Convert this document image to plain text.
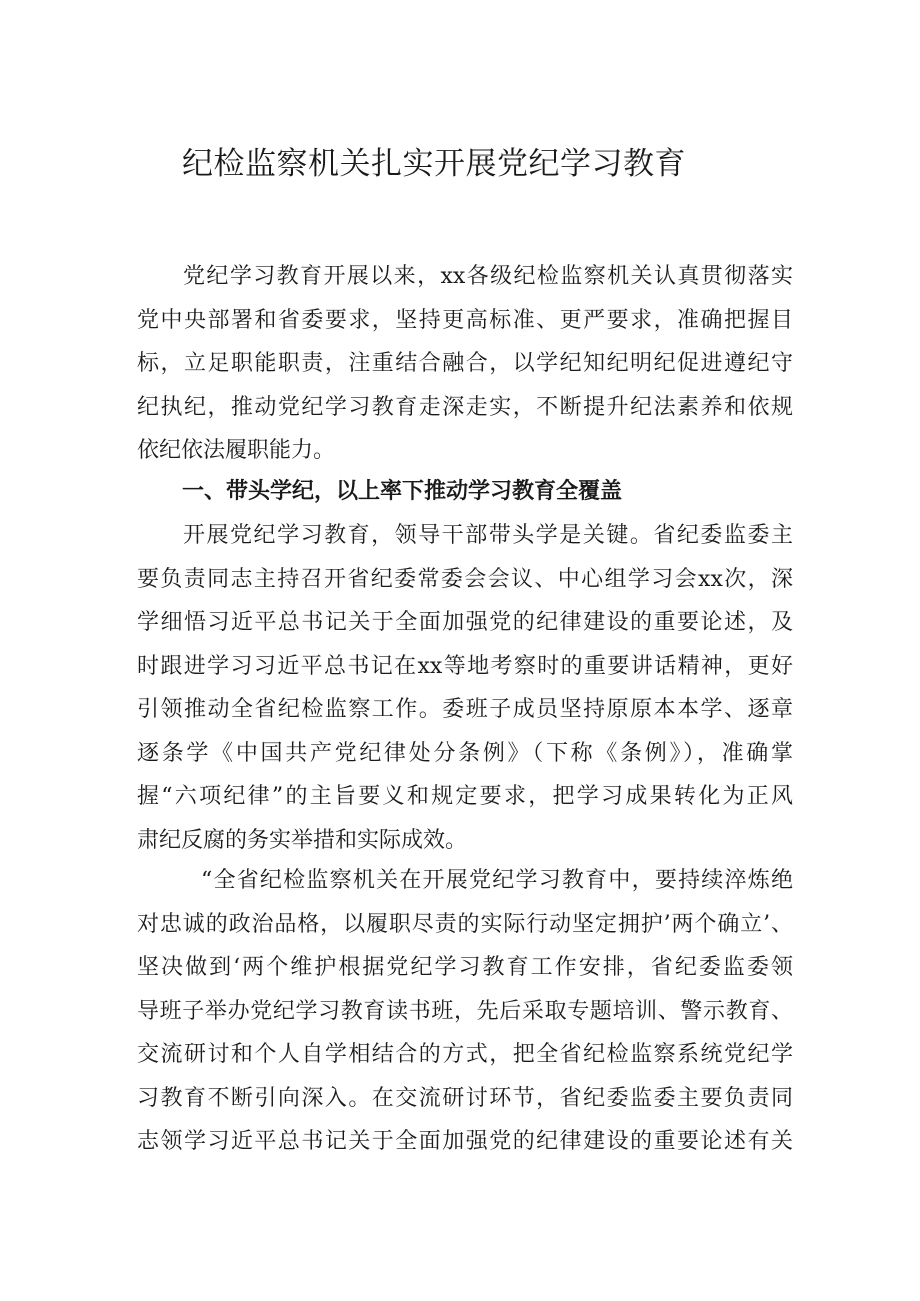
纪检监察机关扎实开展党纪学习教育
党纪学习教育开展以来，xx各级纪检监察机关认真贯彻落实
党中央部署和省委要求，坚持更高标准、更严要求，准确把握目
标，立足职能职责，注重结合融合，以学纪知纪明纪促进遵纪守
纪执纪，推动党纪学习教育走深走实，不断提升纪法素养和依规
依纪依法履职能力。
一、带头学纪，以上率下推动学习教育全覆盖
开展党纪学习教育，领导干部带头学是关键。省纪委监委主
要负责同志主持召开省纪委常委会会议、中心组学习会xx次，深
学细悟习近平总书记关于全面加强党的纪律建设的重要论述，及
时跟进学习习近平总书记在xx等地考察时的重要讲话精神，更好
引领推动全省纪检监察工作。委班子成员坚持原原本本学、逐章
逐条学《中国共产党纪律处分条例》（下称《条例》），准确掌
握“六项纪律”的主旨要义和规定要求，把学习成果转化为正风
肃纪反腐的务实举措和实际成效。
“全省纪检监察机关在开展党纪学习教育中，要持续淬炼绝
对忠诚的政治品格，以履职尽责的实际行动坚定拥护’两个确立’、
坚决做到‘两个维护根据党纪学习教育工作安排，省纪委监委领
导班子举办党纪学习教育读书班，先后采取专题培训、警示教育、
交流研讨和个人自学相结合的方式，把全省纪检监察系统党纪学
习教育不断引向深入。在交流研讨环节，省纪委监委主要负责同
志领学习近平总书记关于全面加强党的纪律建设的重要论述有关
